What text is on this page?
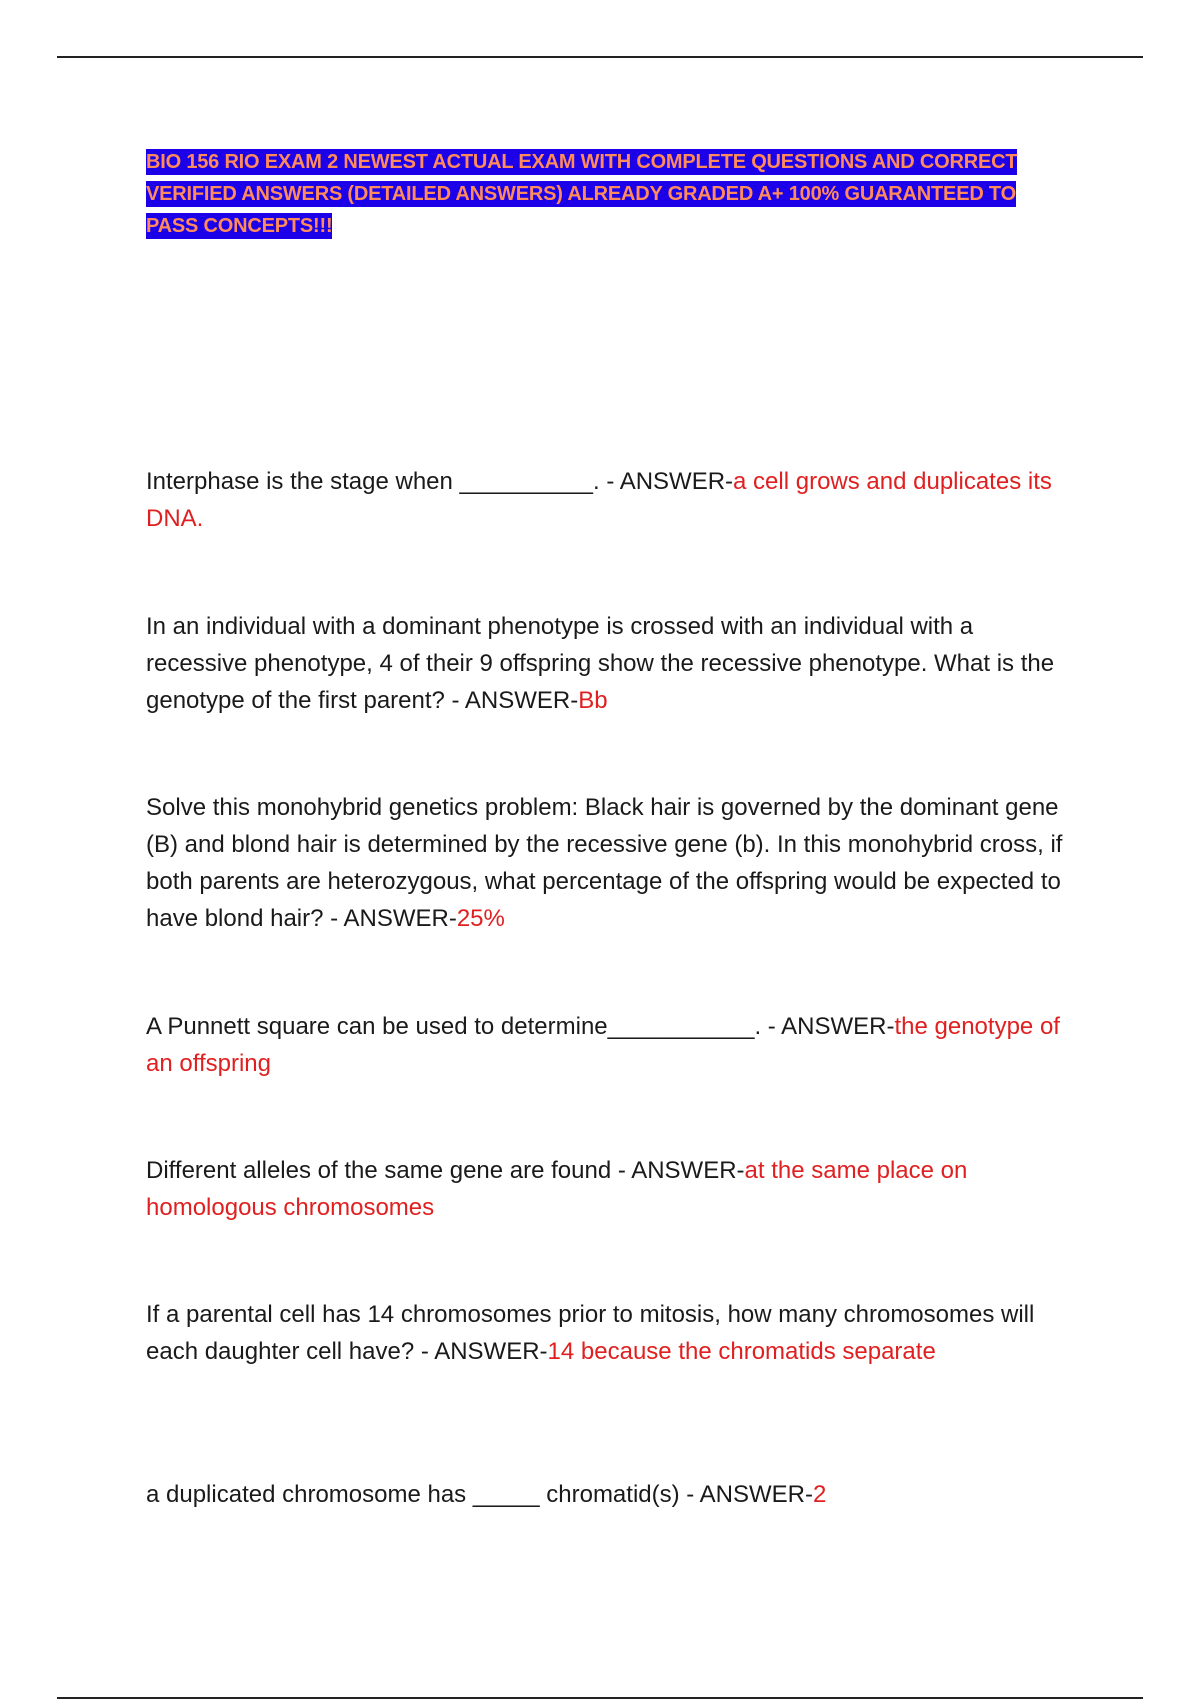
BIO 156 RIO EXAM 2 NEWEST ACTUAL EXAM WITH COMPLETE QUESTIONS AND CORRECT VERIFIED ANSWERS (DETAILED ANSWERS) ALREADY GRADED A+ 100% GUARANTEED TO PASS CONCEPTS!!!
Interphase is the stage when __________. - ANSWER-a cell grows and duplicates its DNA.
In an individual with a dominant phenotype is crossed with an individual with a recessive phenotype, 4 of their 9 offspring show the recessive phenotype. What is the genotype of the first parent? - ANSWER-Bb
Solve this monohybrid genetics problem: Black hair is governed by the dominant gene (B) and blond hair is determined by the recessive gene (b). In this monohybrid cross, if both parents are heterozygous, what percentage of the offspring would be expected to have blond hair? - ANSWER-25%
A Punnett square can be used to determine___________. - ANSWER-the genotype of an offspring
Different alleles of the same gene are found - ANSWER-at the same place on homologous chromosomes
If a parental cell has 14 chromosomes prior to mitosis, how many chromosomes will each daughter cell have? - ANSWER-14 because the chromatids separate
a duplicated chromosome has _____ chromatid(s) - ANSWER-2
